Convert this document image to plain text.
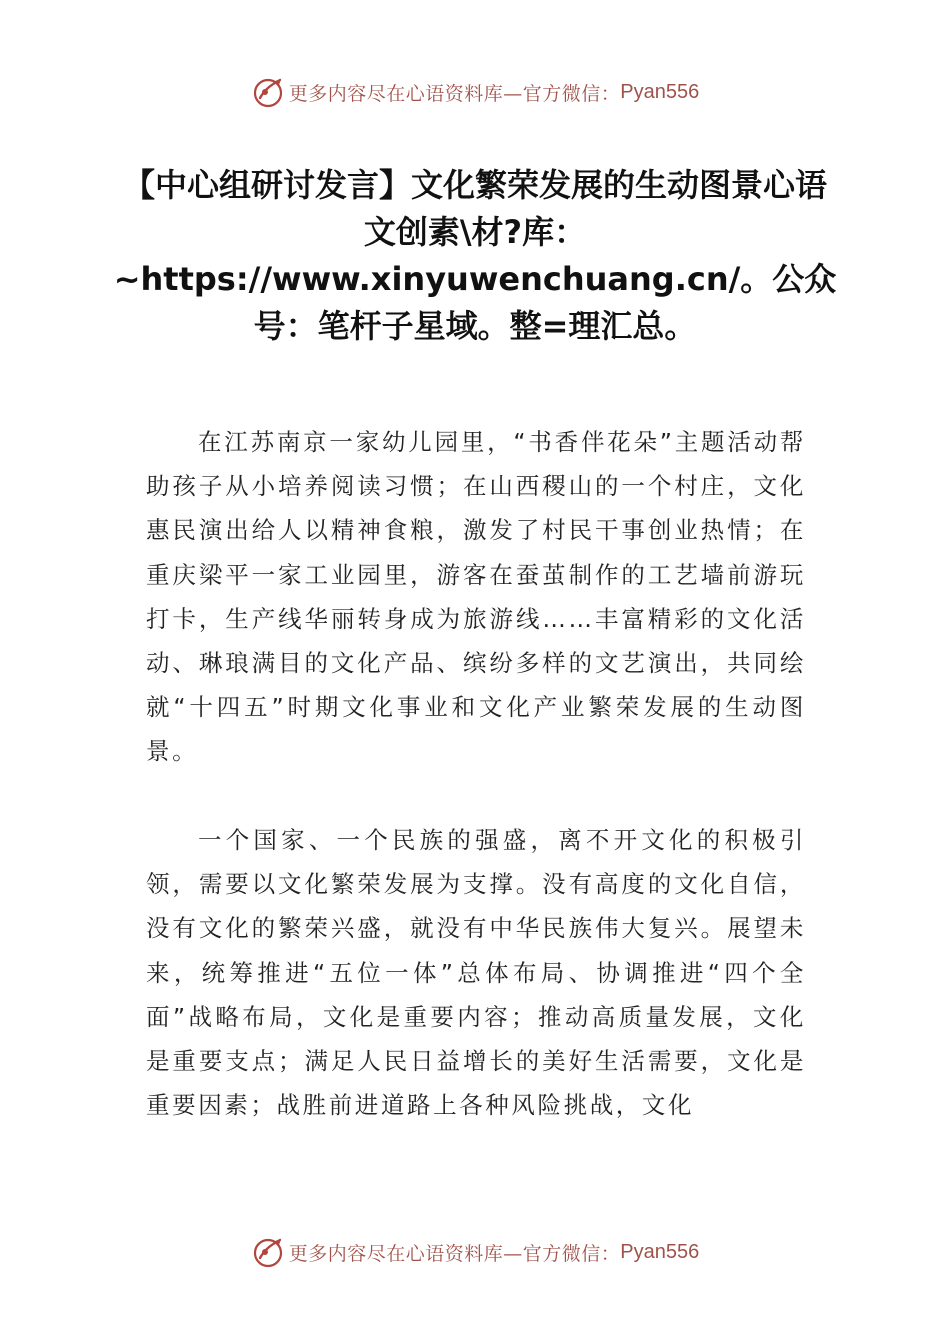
更多内容尽在心语资料库—官方微信： Pyan556
【中心组研讨发言】文化繁荣发展的生动图景心语文创素\材?库：~https://www.xinyuwenchuang.cn/。公众号：笔杆子星域。整=理汇总。

在江苏南京一家幼儿园里，“书香伴花朵”主题活动帮助孩子从小培养阅读习惯；在山西稷山的一个村庄，文化惠民演出给人以精神食粮，激发了村民干事创业热情；在重庆梁平一家工业园里，游客在蚕茧制作的工艺墙前游玩打卡，生产线华丽转身成为旅游线……丰富精彩的文化活动、琳琅满目的文化产品、缤纷多样的文艺演出，共同绘就“十四五”时期文化事业和文化产业繁荣发展的生动图景。

一个国家、一个民族的强盛，离不开文化的积极引领，需要以文化繁荣发展为支撑。没有高度的文化自信，没有文化的繁荣兴盛，就没有中华民族伟大复兴。展望未来，统筹推进“五位一体”总体布局、协调推进“四个全面”战略布局，文化是重要内容；推动高质量发展，文化是重要支点；满足人民日益增长的美好生活需要，文化是重要因素；战胜前进道路上各种风险挑战，文化

更多内容尽在心语资料库—官方微信： Pyan556
